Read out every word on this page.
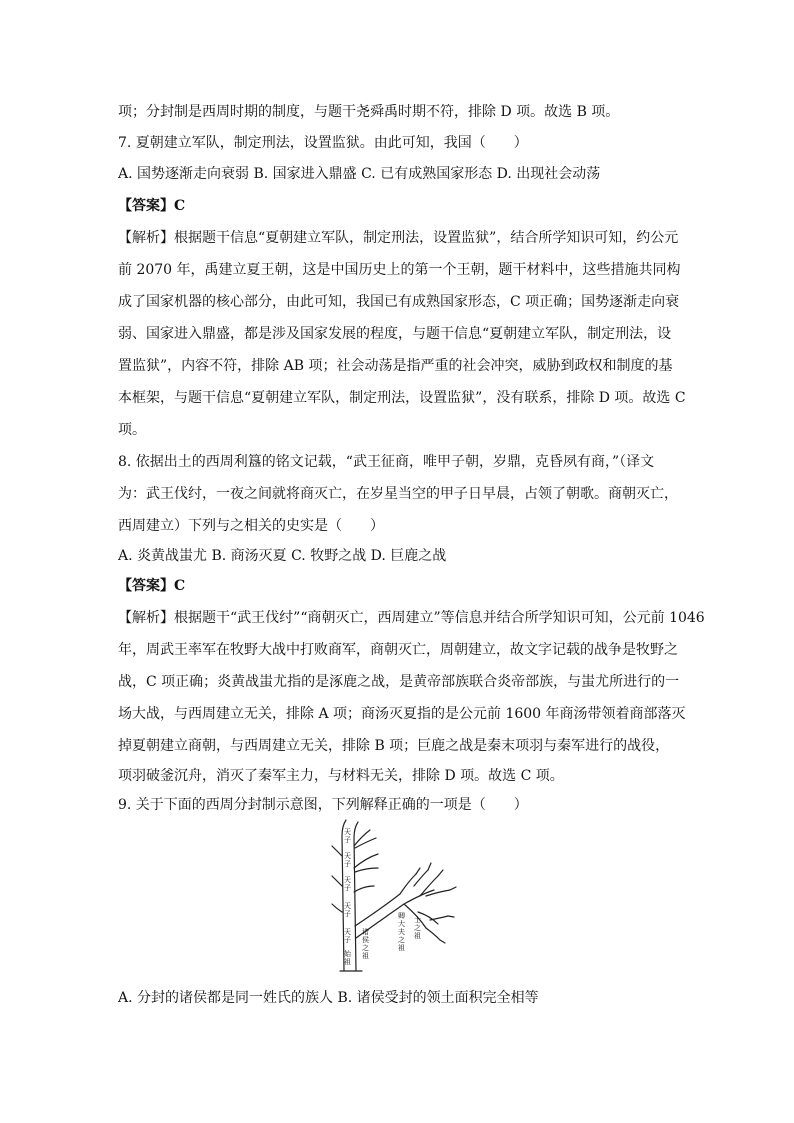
项；分封制是西周时期的制度，与题干尧舜禹时期不符，排除 D 项。故选 B 项。
7. 夏朝建立军队，制定刑法，设置监狱。由此可知，我国（　　）
A. 国势逐渐走向衰弱 B. 国家进入鼎盛 C. 已有成熟国家形态 D. 出现社会动荡
【答案】C
【解析】根据题干信息“夏朝建立军队，制定刑法，设置监狱”，结合所学知识可知，约公元
前 2070 年，禹建立夏王朝，这是中国历史上的第一个王朝，题干材料中，这些措施共同构
成了国家机器的核心部分，由此可知，我国已有成熟国家形态，C 项正确；国势逐渐走向衰
弱、国家进入鼎盛，都是涉及国家发展的程度，与题干信息“夏朝建立军队，制定刑法，设
置监狱”，内容不符，排除 AB 项；社会动荡是指严重的社会冲突，威胁到政权和制度的基
本框架，与题干信息“夏朝建立军队，制定刑法，设置监狱”，没有联系，排除 D 项。故选 C
项。
8. 依据出土的西周利簋的铭文记载，“武王征商，唯甲子朝，岁鼎，克昏夙有商，”（译文
为：武王伐纣，一夜之间就将商灭亡，在岁星当空的甲子日早晨，占领了朝歌。商朝灭亡，
西周建立）下列与之相关的史实是（　　）
A. 炎黄战蚩尤 B. 商汤灭夏 C. 牧野之战 D. 巨鹿之战
【答案】C
【解析】根据题干“武王伐纣”“商朝灭亡，西周建立”等信息并结合所学知识可知，公元前 1046
年，周武王率军在牧野大战中打败商军，商朝灭亡，周朝建立，故文字记载的战争是牧野之
战，C 项正确；炎黄战蚩尤指的是涿鹿之战，是黄帝部族联合炎帝部族，与蚩尤所进行的一
场大战，与西周建立无关，排除 A 项；商汤灭夏指的是公元前 1600 年商汤带领着商部落灭
掉夏朝建立商朝，与西周建立无关，排除 B 项；巨鹿之战是秦末项羽与秦军进行的战役，
项羽破釜沉舟，消灭了秦军主力，与材料无关，排除 D 项。故选 C 项。
9. 关于下面的西周分封制示意图，下列解释正确的一项是（　　）
天
子
天
子
天
子
天
子
天
子
始
祖
诸
侯
之
祖
卿
大
夫
之
祖
士
之
祖
A. 分封的诸侯都是同一姓氏的族人 B. 诸侯受封的领土面积完全相等
